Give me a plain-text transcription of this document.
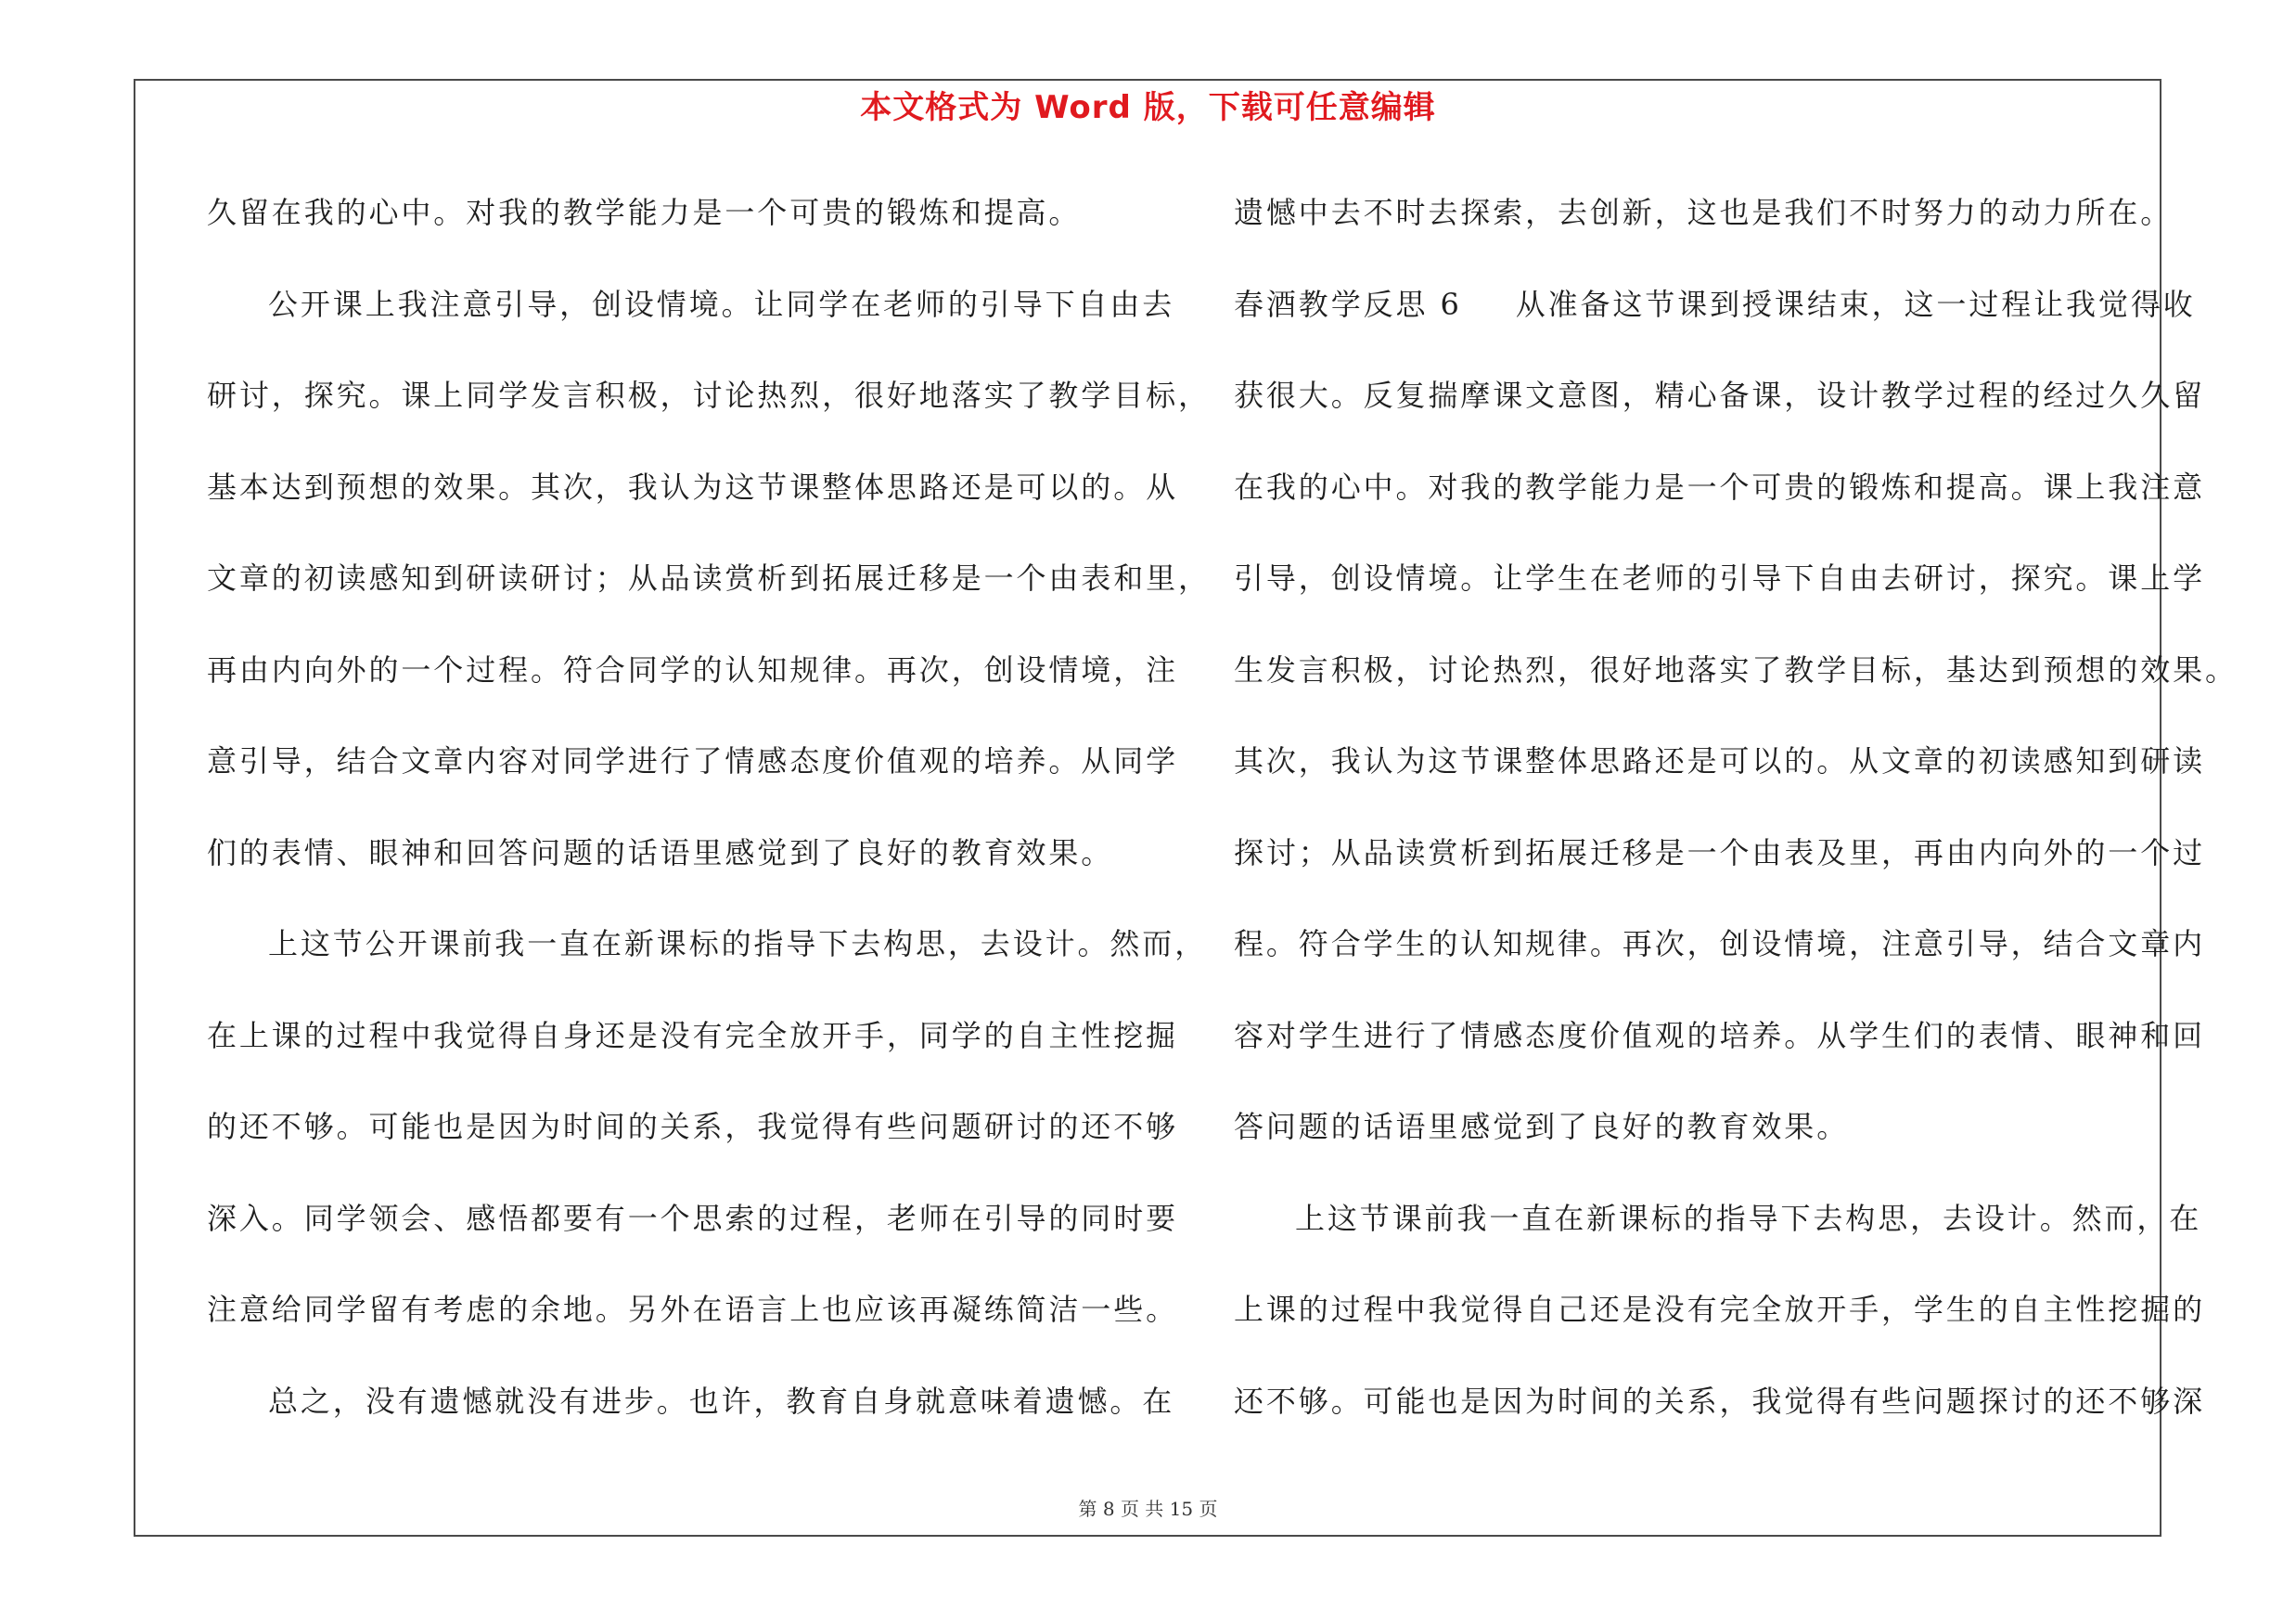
本文格式为 Word 版，下载可任意编辑
久留在我的心中。对我的教学能力是一个可贵的锻炼和提高。
公开课上我注意引导，创设情境。让同学在老师的引导下自由去
研讨，探究。课上同学发言积极，讨论热烈，很好地落实了教学目标，
基本达到预想的效果。其次，我认为这节课整体思路还是可以的。从
文章的初读感知到研读研讨；从品读赏析到拓展迁移是一个由表和里，
再由内向外的一个过程。符合同学的认知规律。再次，创设情境，注
意引导，结合文章内容对同学进行了情感态度价值观的培养。从同学
们的表情、眼神和回答问题的话语里感觉到了良好的教育效果。
上这节公开课前我一直在新课标的指导下去构思，去设计。然而，
在上课的过程中我觉得自身还是没有完全放开手，同学的自主性挖掘
的还不够。可能也是因为时间的关系，我觉得有些问题研讨的还不够
深入。同学领会、感悟都要有一个思索的过程，老师在引导的同时要
注意给同学留有考虑的余地。另外在语言上也应该再凝练简洁一些。
总之，没有遗憾就没有进步。也许，教育自身就意味着遗憾。在
遗憾中去不时去探索，去创新，这也是我们不时努力的动力所在。
春酒教学反思 6 从准备这节课到授课结束，这一过程让我觉得收
获很大。反复揣摩课文意图，精心备课，设计教学过程的经过久久留
在我的心中。对我的教学能力是一个可贵的锻炼和提高。课上我注意
引导，创设情境。让学生在老师的引导下自由去研讨，探究。课上学
生发言积极，讨论热烈，很好地落实了教学目标，基达到预想的效果。
其次，我认为这节课整体思路还是可以的。从文章的初读感知到研读
探讨；从品读赏析到拓展迁移是一个由表及里，再由内向外的一个过
程。符合学生的认知规律。再次，创设情境，注意引导，结合文章内
容对学生进行了情感态度价值观的培养。从学生们的表情、眼神和回
答问题的话语里感觉到了良好的教育效果。
上这节课前我一直在新课标的指导下去构思，去设计。然而，在
上课的过程中我觉得自己还是没有完全放开手，学生的自主性挖掘的
还不够。可能也是因为时间的关系，我觉得有些问题探讨的还不够深
第 8 页 共 15 页
